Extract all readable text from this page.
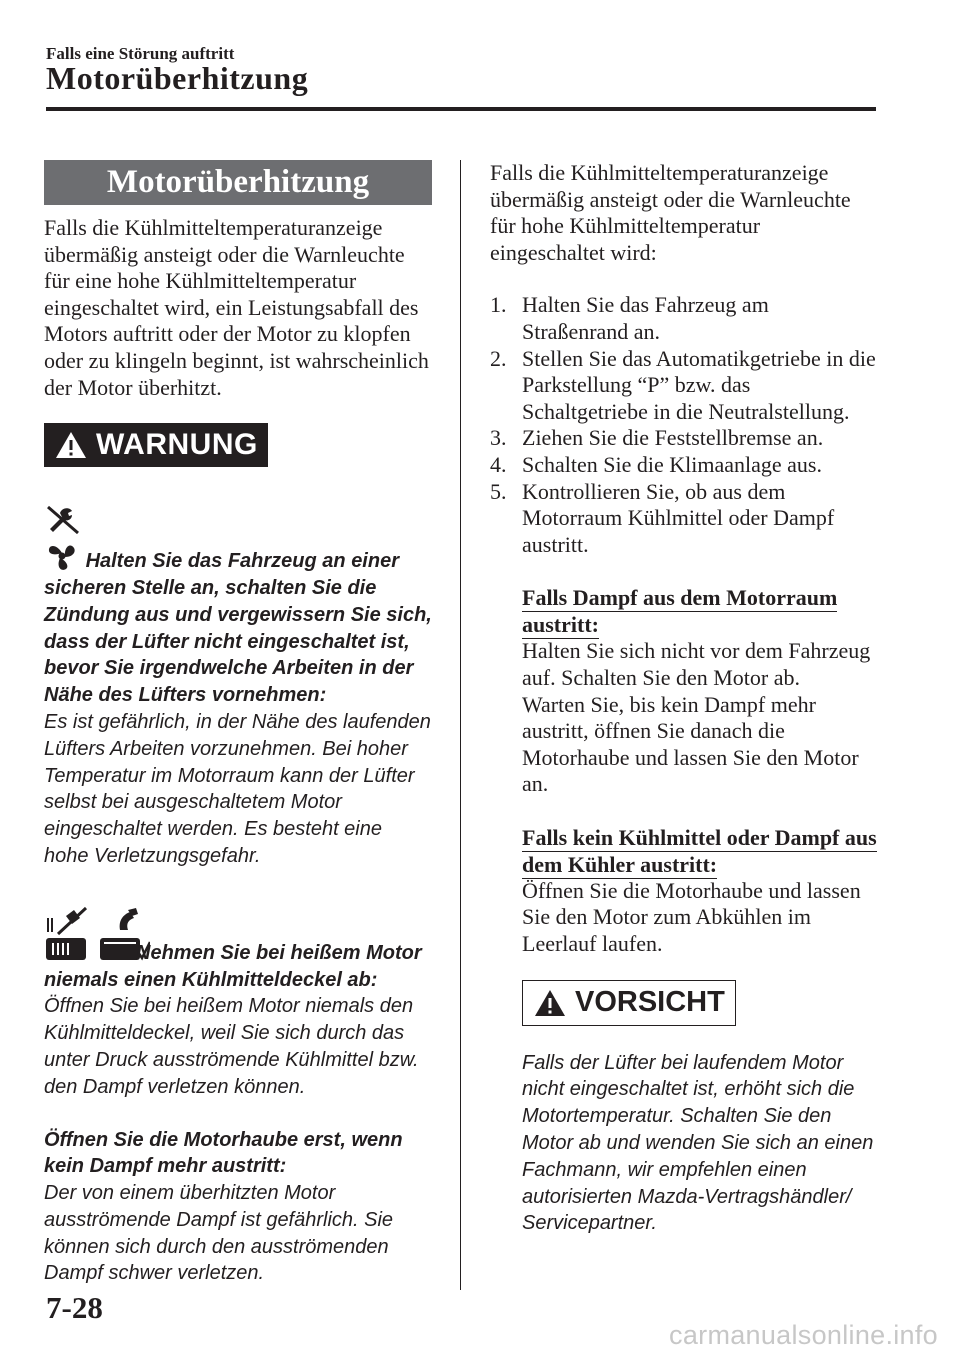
Falls eine Störung auftritt
Motorüberhitzung
Motorüberhitzung

Falls die Kühlmitteltemperaturanzeige übermäßig ansteigt oder die Warnleuchte für eine hohe Kühlmitteltemperatur eingeschaltet wird, ein Leistungsabfall des Motors auftritt oder der Motor zu klopfen oder zu klingeln beginnt, ist wahrscheinlich der Motor überhitzt.

WARNUNG
Halten Sie das Fahrzeug an einer sicheren Stelle an, schalten Sie die Zündung aus und vergewissern Sie sich, dass der Lüfter nicht eingeschaltet ist, bevor Sie irgendwelche Arbeiten in der Nähe des Lüfters vornehmen:
Es ist gefährlich, in der Nähe des laufenden Lüfters Arbeiten vorzunehmen. Bei hoher Temperatur im Motorraum kann der Lüfter selbst bei ausgeschaltetem Motor eingeschaltet werden. Es besteht eine hohe Verletzungsgefahr.
Nehmen Sie bei heißem Motor niemals einen Kühlmitteldeckel ab:
Öffnen Sie bei heißem Motor niemals den Kühlmitteldeckel, weil Sie sich durch das unter Druck ausströmende Kühlmittel bzw. den Dampf verletzen können.
Öffnen Sie die Motorhaube erst, wenn kein Dampf mehr austritt:
Der von einem überhitzten Motor ausströmende Dampf ist gefährlich. Sie können sich durch den ausströmenden Dampf schwer verletzen.

Falls die Kühlmitteltemperaturanzeige übermäßig ansteigt oder die Warnleuchte für hohe Kühlmitteltemperatur eingeschaltet wird:

1. Halten Sie das Fahrzeug am Straßenrand an.
2. Stellen Sie das Automatikgetriebe in die Parkstellung “P” bzw. das Schaltgetriebe in die Neutralstellung.
3. Ziehen Sie die Feststellbremse an.
4. Schalten Sie die Klimaanlage aus.
5. Kontrollieren Sie, ob aus dem Motorraum Kühlmittel oder Dampf austritt.
Falls Dampf aus dem Motorraum austritt:

Halten Sie sich nicht vor dem Fahrzeug auf. Schalten Sie den Motor ab.

Warten Sie, bis kein Dampf mehr austritt, öffnen Sie danach die Motorhaube und lassen Sie den Motor an.

Falls kein Kühlmittel oder Dampf aus dem Kühler austritt:

Öffnen Sie die Motorhaube und lassen Sie den Motor zum Abkühlen im Leerlauf laufen.

VORSICHT
Falls der Lüfter bei laufendem Motor nicht eingeschaltet ist, erhöht sich die Motortemperatur. Schalten Sie den Motor ab und wenden Sie sich an einen Fachmann, wir empfehlen einen autorisierten Mazda-Vertragshändler/ Servicepartner.
7-28
carmanualsonline.info
